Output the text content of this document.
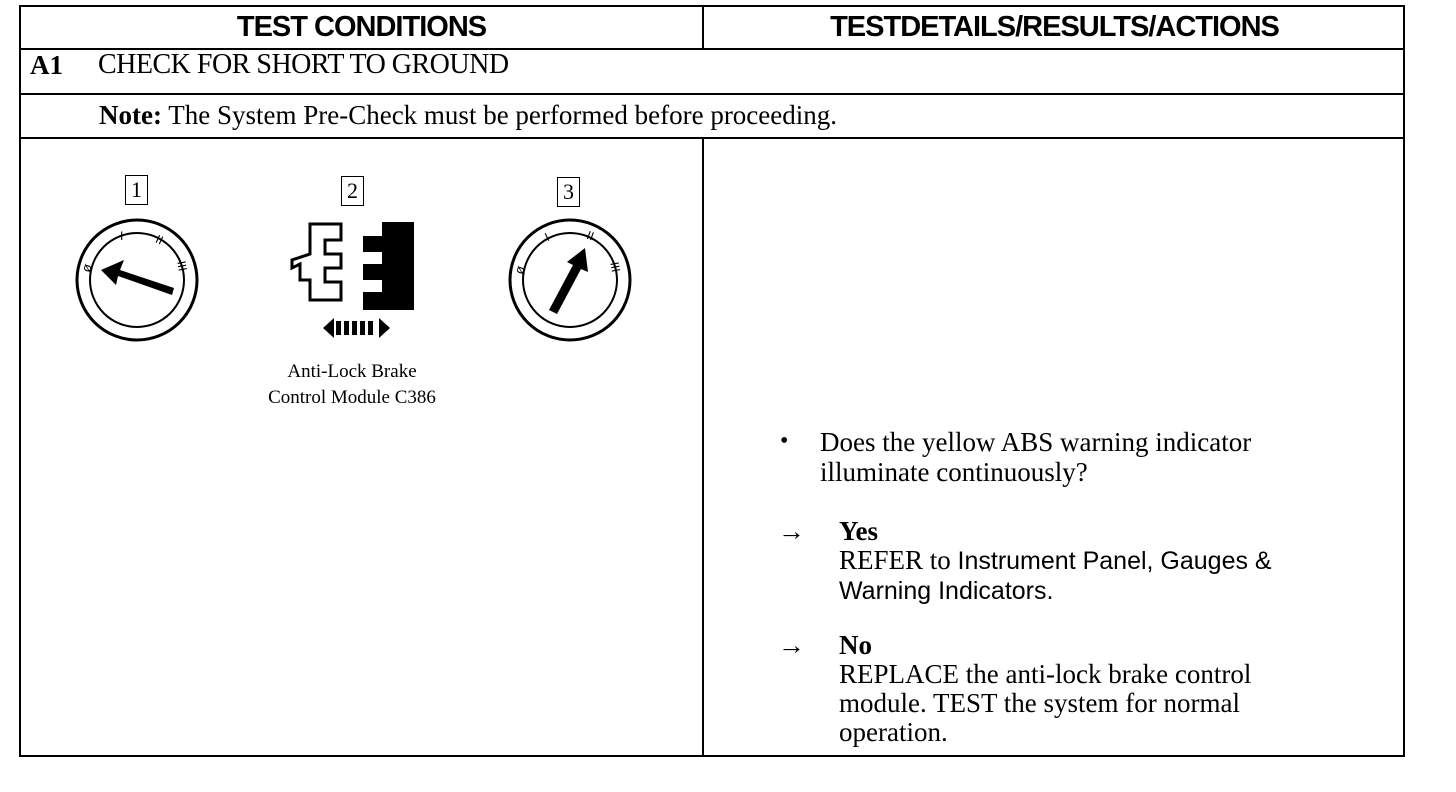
TEST CONDITIONS	TESTDETAILS/RESULTS/ACTIONS
A1 CHECK FOR SHORT TO GROUND
Note: The System Pre-Check must be performed before proceeding.
1	2	3
ø
I	II
III
Anti-Lock Brake
Control Module C386
ø
I	II
III
• Does the yellow ABS warning indicator illuminate continuously?
→ Yes
REFER to Instrument Panel, Gauges & Warning Indicators.
→ No
REPLACE the anti-lock brake control module. TEST the system for normal operation.
